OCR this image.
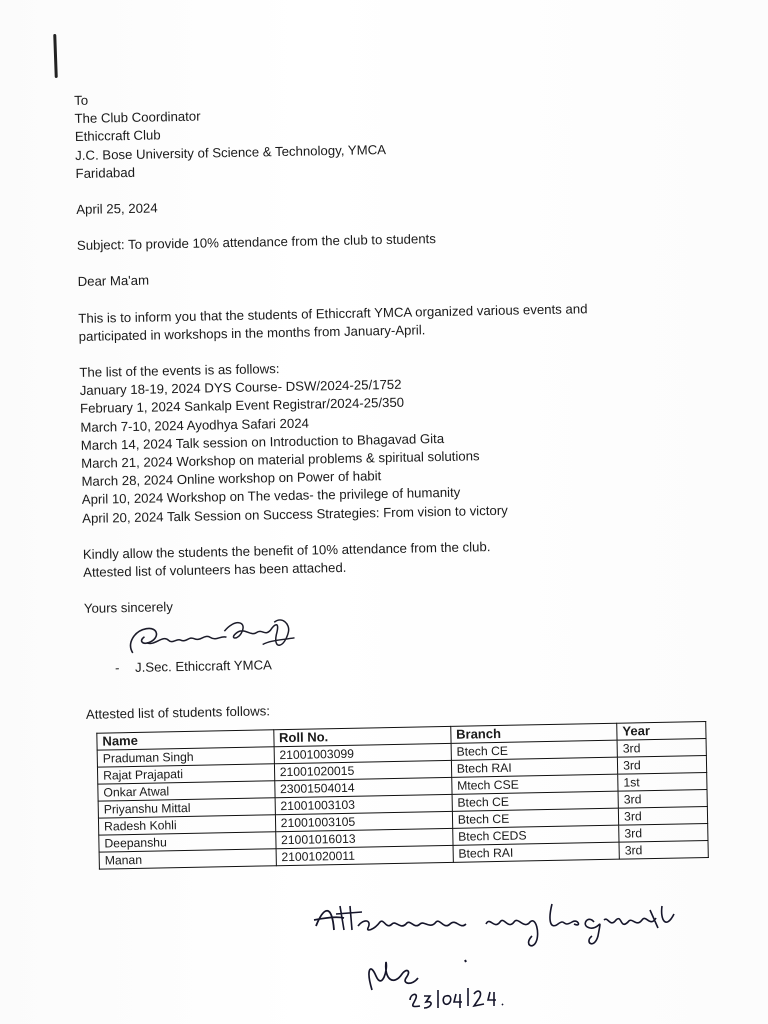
To
The Club Coordinator
Ethiccraft Club
J.C. Bose University of Science & Technology, YMCA
Faridabad
April 25, 2024
Subject: To provide 10% attendance from the club to students
Dear Ma'am
This is to inform you that the students of Ethiccraft YMCA organized various events and
participated in workshops in the months from January-April.
The list of the events is as follows:
January 18-19, 2024 DYS Course- DSW/2024-25/1752
February 1, 2024 Sankalp Event Registrar/2024-25/350
March 7-10, 2024 Ayodhya Safari 2024
March 14, 2024 Talk session on Introduction to Bhagavad Gita
March 21, 2024 Workshop on material problems & spiritual solutions
March 28, 2024 Online workshop on Power of habit
April 10, 2024 Workshop on The vedas- the privilege of humanity
April 20, 2024 Talk Session on Success Strategies: From vision to victory
Kindly allow the students the benefit of 10% attendance from the club.
Attested list of volunteers has been attached.
Yours sincerely
- J.Sec. Ethiccraft YMCA
Attested list of students follows:
Name	Roll No.	Branch	Year
Praduman Singh	21001003099	Btech CE	3rd
Rajat Prajapati	21001020015	Btech RAI	3rd
Onkar Atwal	23001504014	Mtech CSE	1st
Priyanshu Mittal	21001003103	Btech CE	3rd
Radesh Kohli	21001003105	Btech CE	3rd
Deepanshu	21001016013	Btech CEDS	3rd
Manan	21001020011	Btech RAI	3rd
